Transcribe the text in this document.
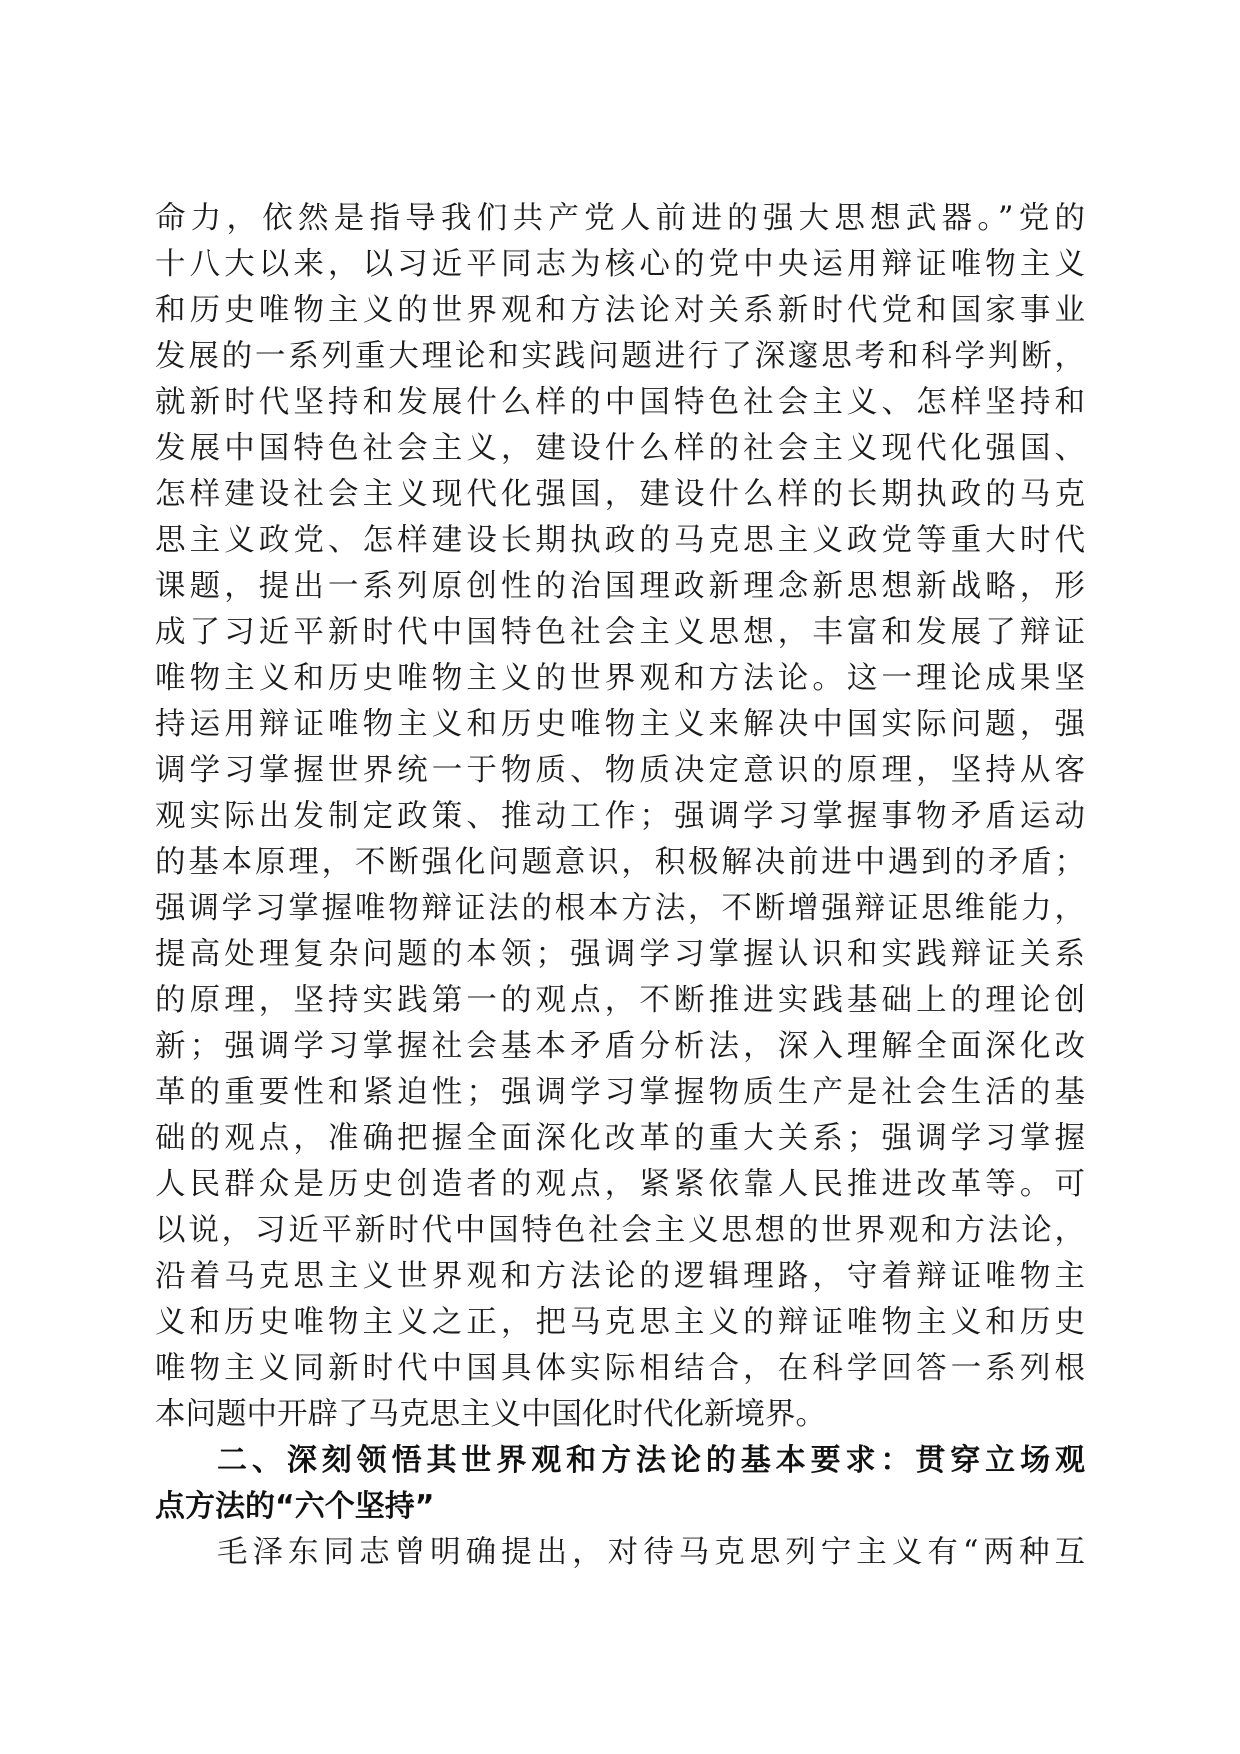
命力，依然是指导我们共产党人前进的强大思想武器。”党的
十八大以来，以习近平同志为核心的党中央运用辩证唯物主义
和历史唯物主义的世界观和方法论对关系新时代党和国家事业
发展的一系列重大理论和实践问题进行了深邃思考和科学判断，
就新时代坚持和发展什么样的中国特色社会主义、怎样坚持和
发展中国特色社会主义，建设什么样的社会主义现代化强国、
怎样建设社会主义现代化强国，建设什么样的长期执政的马克
思主义政党、怎样建设长期执政的马克思主义政党等重大时代
课题，提出一系列原创性的治国理政新理念新思想新战略，形
成了习近平新时代中国特色社会主义思想，丰富和发展了辩证
唯物主义和历史唯物主义的世界观和方法论。这一理论成果坚
持运用辩证唯物主义和历史唯物主义来解决中国实际问题，强
调学习掌握世界统一于物质、物质决定意识的原理，坚持从客
观实际出发制定政策、推动工作；强调学习掌握事物矛盾运动
的基本原理，不断强化问题意识，积极解决前进中遇到的矛盾；
强调学习掌握唯物辩证法的根本方法，不断增强辩证思维能力，
提高处理复杂问题的本领；强调学习掌握认识和实践辩证关系
的原理，坚持实践第一的观点，不断推进实践基础上的理论创
新；强调学习掌握社会基本矛盾分析法，深入理解全面深化改
革的重要性和紧迫性；强调学习掌握物质生产是社会生活的基
础的观点，准确把握全面深化改革的重大关系；强调学习掌握
人民群众是历史创造者的观点，紧紧依靠人民推进改革等。可
以说，习近平新时代中国特色社会主义思想的世界观和方法论，
沿着马克思主义世界观和方法论的逻辑理路，守着辩证唯物主
义和历史唯物主义之正，把马克思主义的辩证唯物主义和历史
唯物主义同新时代中国具体实际相结合，在科学回答一系列根
本问题中开辟了马克思主义中国化时代化新境界。
二、深刻领悟其世界观和方法论的基本要求：贯穿立场观
点方法的“六个坚持”
毛泽东同志曾明确提出，对待马克思列宁主义有“两种互
